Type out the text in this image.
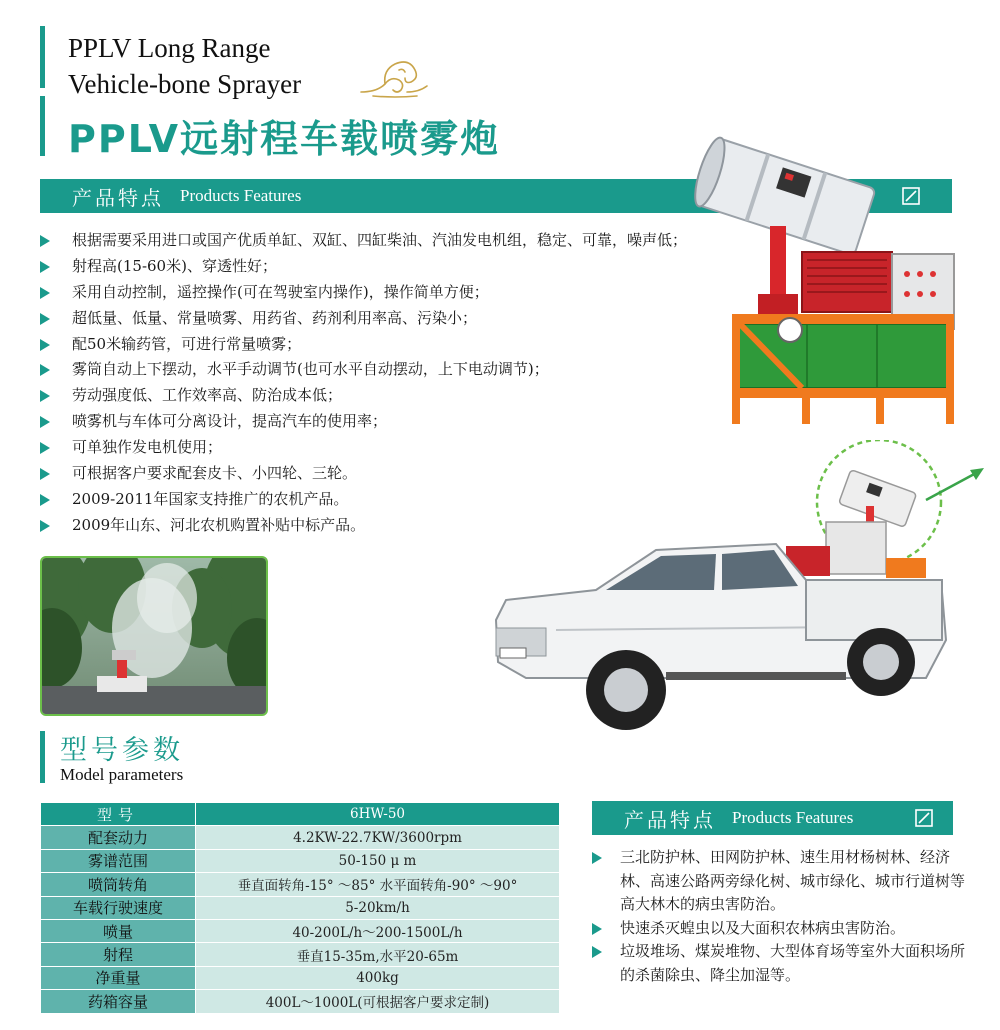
PPLV Long Range
Vehicle-bone Sprayer
PPLV远射程车载喷雾炮
产品特点 Products Features
根据需要采用进口或国产优质单缸、双缸、四缸柴油、汽油发电机组，稳定、可靠，噪声低；
射程高(15-60米)、穿透性好；
采用自动控制，遥控操作(可在驾驶室内操作)，操作简单方便；
超低量、低量、常量喷雾、用药省、药剂利用率高、污染小；
配50米输药管，可进行常量喷雾；
雾筒自动上下摆动，水平手动调节(也可水平自动摆动，上下电动调节)；
劳动强度低、工作效率高、防治成本低；
喷雾机与车体可分离设计，提高汽车的使用率；
可单独作发电机使用；
可根据客户要求配套皮卡、小四轮、三轮。
2009-2011年国家支持推广的农机产品。
2009年山东、河北农机购置补贴中标产品。
型号参数
Model parameters
型号	6HW-50
配套动力	4.2KW-22.7KW/3600rpm
雾谱范围	50-150 μ m
喷筒转角	垂直面转角-15° ～85° 水平面转角-90° ～90°
车载行驶速度	5-20km/h
喷量	40-200L/h～200-1500L/h
射程	垂直15-35m,水平20-65m
净重量	400kg
药箱容量	400L～1000L(可根据客户要求定制)
产品特点 Products Features
三北防护林、田网防护林、速生用材杨树林、经济林、高速公路两旁绿化树、城市绿化、城市行道树等高大林木的病虫害防治。
快速杀灭蝗虫以及大面积农林病虫害防治。
垃圾堆场、煤炭堆物、大型体育场等室外大面积场所的杀菌除虫、降尘加湿等。
